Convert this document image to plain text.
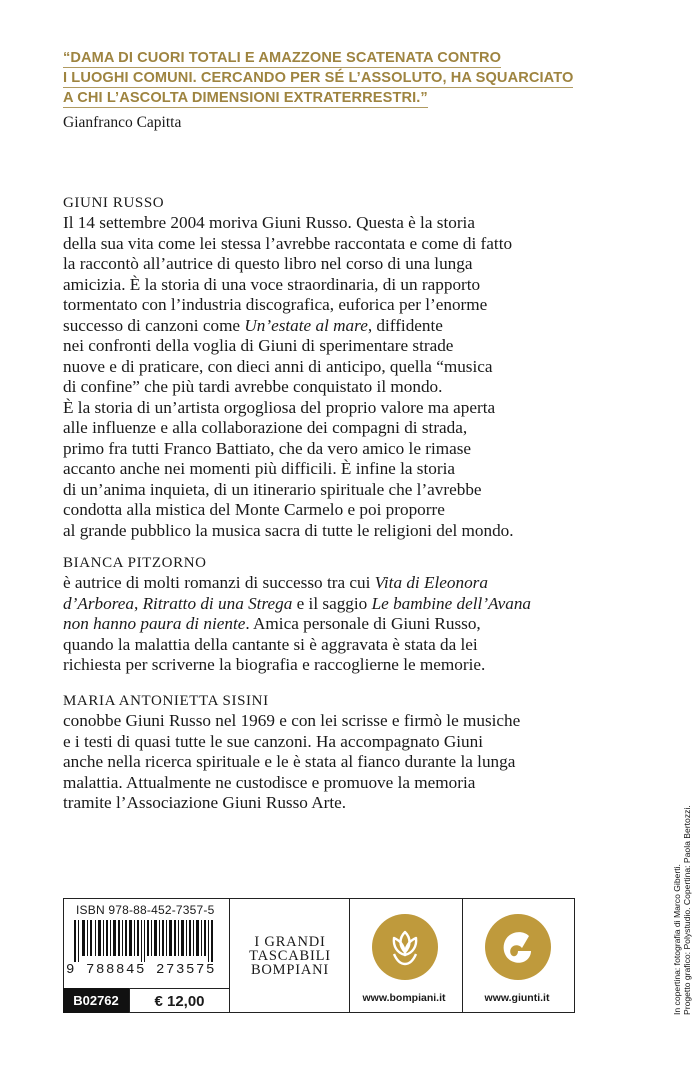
“DAMA DI CUORI TOTALI E AMAZZONE SCATENATA CONTRO
I LUOGHI COMUNI. CERCANDO PER SÉ L’ASSOLUTO, HA SQUARCIATO
A CHI L’ASCOLTA DIMENSIONI EXTRATERRESTRI.”
Gianfranco Capitta
GIUNI RUSSO
Il 14 settembre 2004 moriva Giuni Russo. Questa è la storia
della sua vita come lei stessa l’avrebbe raccontata e come di fatto
la raccontò all’autrice di questo libro nel corso di una lunga
amicizia. È la storia di una voce straordinaria, di un rapporto
tormentato con l’industria discografica, euforica per l’enorme
successo di canzoni come Un’estate al mare, diffidente
nei confronti della voglia di Giuni di sperimentare strade
nuove e di praticare, con dieci anni di anticipo, quella “musica
di confine” che più tardi avrebbe conquistato il mondo.
È la storia di un’artista orgogliosa del proprio valore ma aperta
alle influenze e alla collaborazione dei compagni di strada,
primo fra tutti Franco Battiato, che da vero amico le rimase
accanto anche nei momenti più difficili. È infine la storia
di un’anima inquieta, di un itinerario spirituale che l’avrebbe
condotta alla mistica del Monte Carmelo e poi proporre
al grande pubblico la musica sacra di tutte le religioni del mondo.
BIANCA PITZORNO
è autrice di molti romanzi di successo tra cui Vita di Eleonora
d’Arborea, Ritratto di una Strega e il saggio Le bambine dell’Avana
non hanno paura di niente. Amica personale di Giuni Russo,
quando la malattia della cantante si è aggravata è stata da lei
richiesta per scriverne la biografia e raccoglierne le memorie.
MARIA ANTONIETTA SISINI
conobbe Giuni Russo nel 1969 e con lei scrisse e firmò le musiche
e i testi di quasi tutte le sue canzoni. Ha accompagnato Giuni
anche nella ricerca spirituale e le è stata al fianco durante la lunga
malattia. Attualmente ne custodisce e promuove la memoria
tramite l’Associazione Giuni Russo Arte.
ISBN 978-88-452-7357-5
9 788845 273575
B02762	€ 12,00
I GRANDI
TASCABILI
BOMPIANI
www.bompiani.it	www.giunti.it	In copertina: fotografia di Marco Giberti. Progetto grafico: Polystudio. Copertina: Paola Bertozzi.
